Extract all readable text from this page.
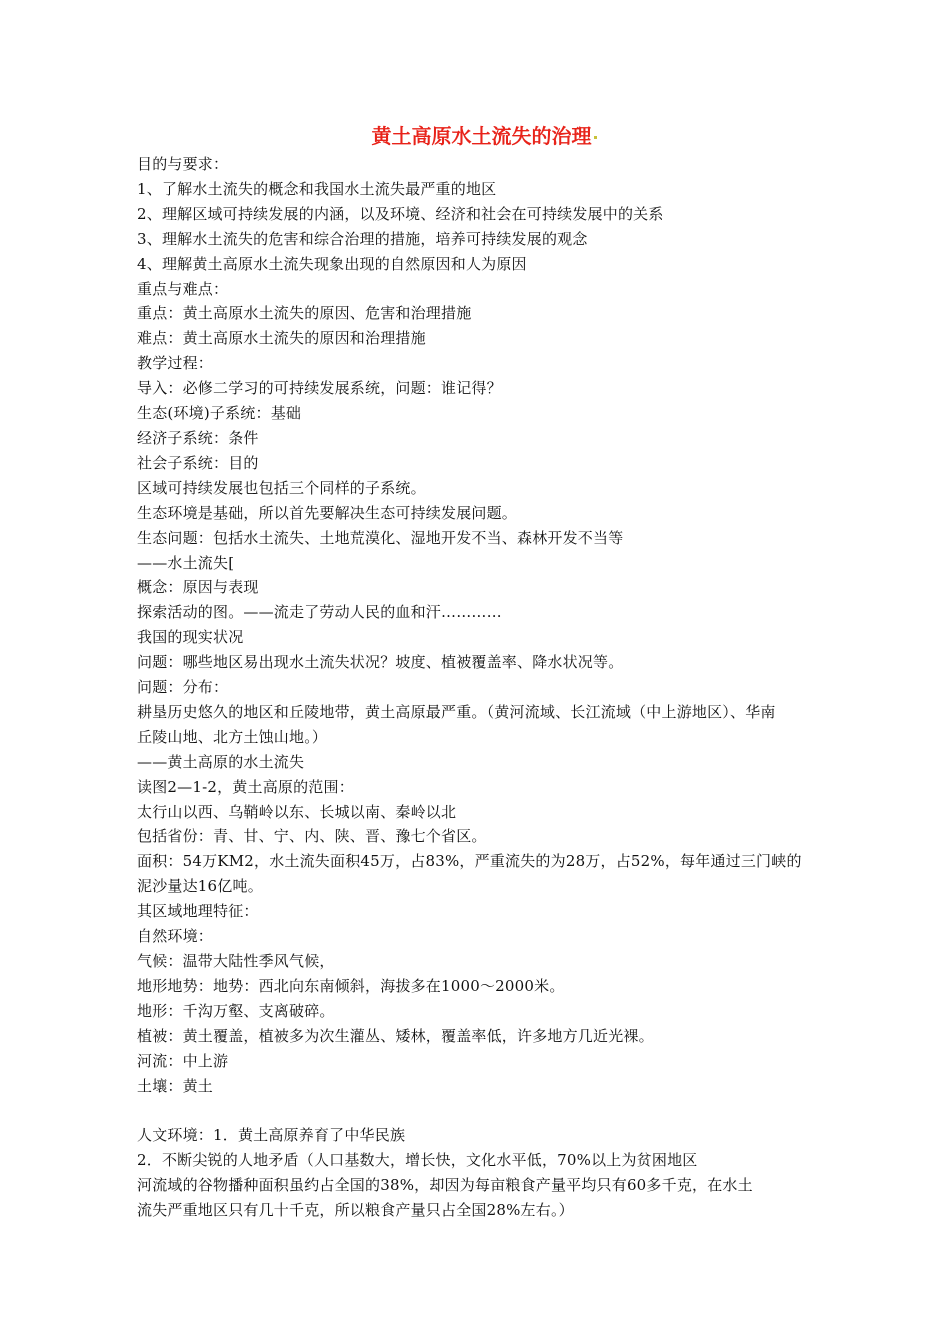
黄土高原水土流失的治理
目的与要求：
1、了解水土流失的概念和我国水土流失最严重的地区
2、理解区域可持续发展的内涵，以及环境、经济和社会在可持续发展中的关系
3、理解水土流失的危害和综合治理的措施，培养可持续发展的观念
4、理解黄土高原水土流失现象出现的自然原因和人为原因
重点与难点：
重点：黄土高原水土流失的原因、危害和治理措施
难点：黄土高原水土流失的原因和治理措施
教学过程：
导入：必修二学习的可持续发展系统，问题：谁记得？
生态(环境)子系统：基础
经济子系统：条件
社会子系统：目的
区域可持续发展也包括三个同样的子系统。
生态环境是基础，所以首先要解决生态可持续发展问题。
生态问题：包括水土流失、土地荒漠化、湿地开发不当、森林开发不当等
——水土流失[
概念：原因与表现
探索活动的图。——流走了劳动人民的血和汗…………
我国的现实状况
问题：哪些地区易出现水土流失状况？坡度、植被覆盖率、降水状况等。
问题：分布：
耕垦历史悠久的地区和丘陵地带，黄土高原最严重。（黄河流域、长江流域（中上游地区）、华南
丘陵山地、北方土蚀山地。）
——黄土高原的水土流失
读图2—1-2，黄土高原的范围：
太行山以西、乌鞘岭以东、长城以南、秦岭以北
包括省份：青、甘、宁、内、陕、晋、豫七个省区。
面积：54万KM2，水土流失面积45万，占83%，严重流失的为28万，占52%，每年通过三门峡的
泥沙量达16亿吨。
其区域地理特征：
自然环境：
气候：温带大陆性季风气候，
地形地势：地势：西北向东南倾斜，海拔多在1000～2000米。
地形：千沟万壑、支离破碎。
植被：黄土覆盖，植被多为次生灌丛、矮林，覆盖率低，许多地方几近光裸。
河流：中上游
土壤：黄土
人文环境：1．黄土高原养育了中华民族
2．不断尖锐的人地矛盾（人口基数大，增长快，文化水平低，70%以上为贫困地区
河流域的谷物播种面积虽约占全国的38%，却因为每亩粮食产量平均只有60多千克，在水土
流失严重地区只有几十千克，所以粮食产量只占全国28%左右。）
